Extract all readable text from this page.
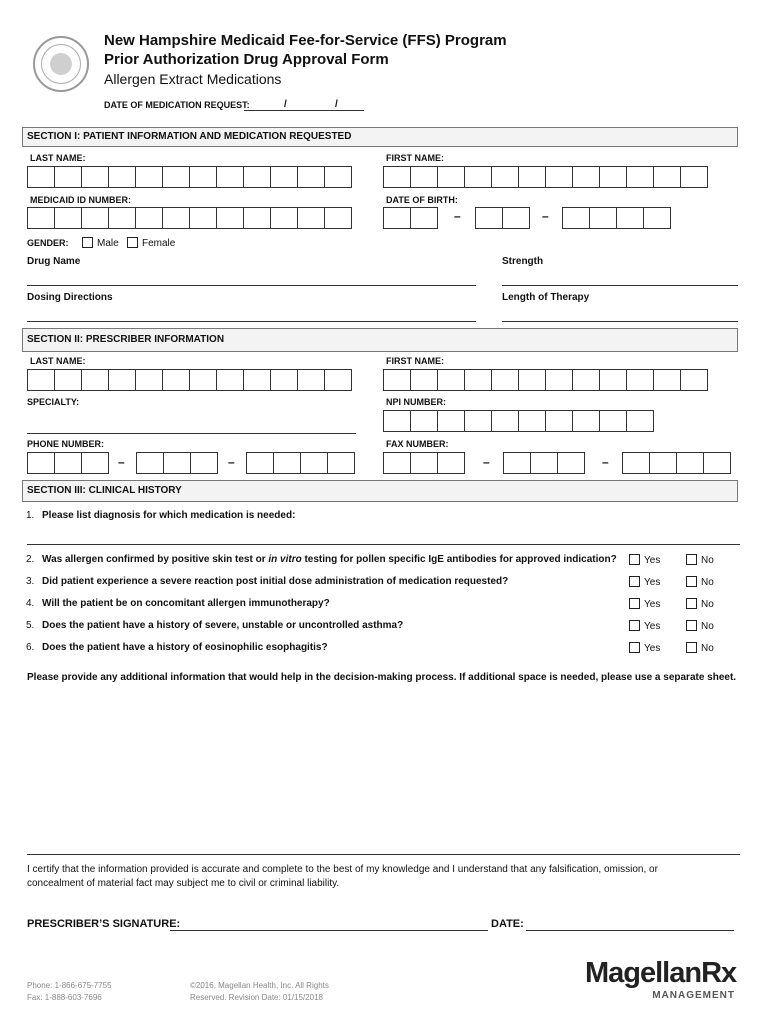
New Hampshire Medicaid Fee-for-Service (FFS) Program
Prior Authorization Drug Approval Form
Allergen Extract Medications
DATE OF MEDICATION REQUEST:	/	/
SECTION I: PATIENT INFORMATION AND MEDICATION REQUESTED
LAST NAME:	FIRST NAME:
MEDICAID ID NUMBER:	DATE OF BIRTH:
–	–
GENDER:	Male	Female
Drug Name	Strength
Dosing Directions	Length of Therapy
SECTION II: PRESCRIBER INFORMATION
LAST NAME:	FIRST NAME:
SPECIALTY:	NPI NUMBER:
PHONE NUMBER:
–	–
FAX NUMBER:
–	–
SECTION III: CLINICAL HISTORY
1. Please list diagnosis for which medication is needed:
2. Was allergen confirmed by positive skin test or in vitro testing for pollen specific IgE antibodies for approved indication?	Yes	No
3. Did patient experience a severe reaction post initial dose administration of medication requested?	Yes	No
4. Will the patient be on concomitant allergen immunotherapy?	Yes	No
5. Does the patient have a history of severe, unstable or uncontrolled asthma?	Yes	No
6. Does the patient have a history of eosinophilic esophagitis?	Yes	No
Please provide any additional information that would help in the decision-making process. If additional space is needed, please use a separate sheet.
I certify that the information provided is accurate and complete to the best of my knowledge and I understand that any falsification, omission, or
concealment of material fact may subject me to civil or criminal liability.
PRESCRIBER’S SIGNATURE:	DATE:
Phone: 1-866-675-7755
Fax: 1-888-603-7696
©2016, Magellan Health, Inc. All Rights
Reserved. Revision Date: 01/15/2018
MagellanRx
MANAGEMENT
